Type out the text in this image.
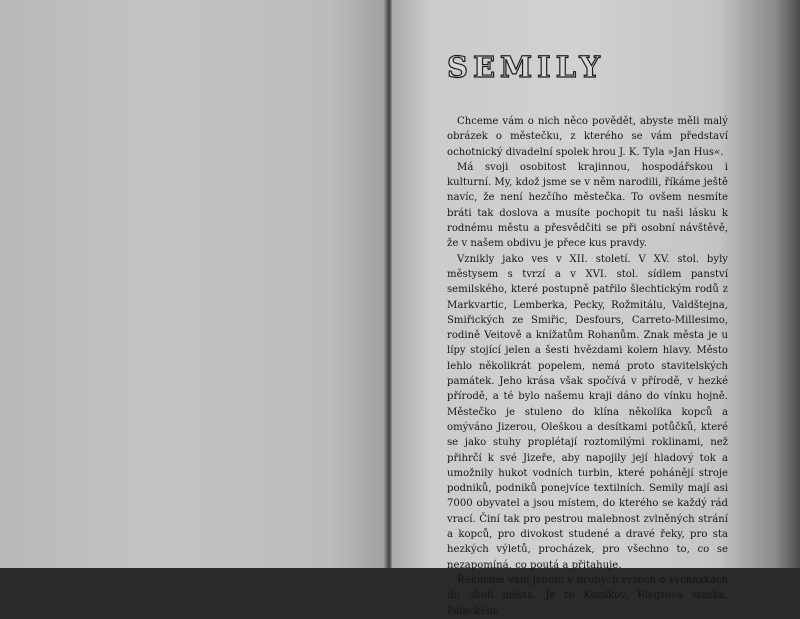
SEMILY

Chceme vám o nich něco povědět, abyste měli malý obrázek o městečku, z kterého se vám představí ochotnický divadelní spolek hrou J. K. Tyla »Jan Hus«.

Má svoji osobitost krajinnou, hospodářskou i kulturní. My, kdož jsme se v něm narodili, říkáme ještě navíc, že není hezčího městečka. To ovšem nesmíte bráti tak doslova a musíte pochopit tu naši lásku k rodnému městu a přesvědčiti se při osobní návštěvě, že v našem obdivu je přece kus pravdy.

Vznikly jako ves v XII. století. V XV. stol. byly městysem s tvrzí a v XVI. stol. sídlem panství semilského, které postupně patřilo šlechtickým rodů z Markvartic, Lemberka, Pecky, Rožmitálu, Valdštejna, Smiřických ze Smiřic, Desfours, Carreto-Millesimo, rodině Veitově a knížatům Rohanům. Znak města je u lípy stojící jelen a šesti hvězdami kolem hlavy. Město lehlo několikrát popelem, nemá proto stavitelských památek. Jeho krása však spočívá v přírodě, v hezké přírodě, a té bylo našemu kraji dáno do vínku hojně. Městečko je stuleno do klína několika kopců a omýváno Jizerou, Oleškou a desítkami potůčků, které se jako stuhy proplétají roztomilými roklinami, než přihrčí k své Jizeře, aby napojily její hladový tok a umožnily hukot vodních turbin, které pohánějí stroje podniků, podniků ponejvíce textilních. Semily mají asi 7000 obyvatel a jsou místem, do kterého se každý rád vrací. Činí tak pro pestrou malebnost zvlněných strání a kopců, pro divokost studené a dravé řeky, pro sta hezkých výletů, procházek, pro všechno to, co se nezapomíná, co poutá a přitahuje.

Řekneme vám jenom v hrubých rysech o vycházkách do okolí města. Je to Kozákov, Riegrova stezka, Palackého
